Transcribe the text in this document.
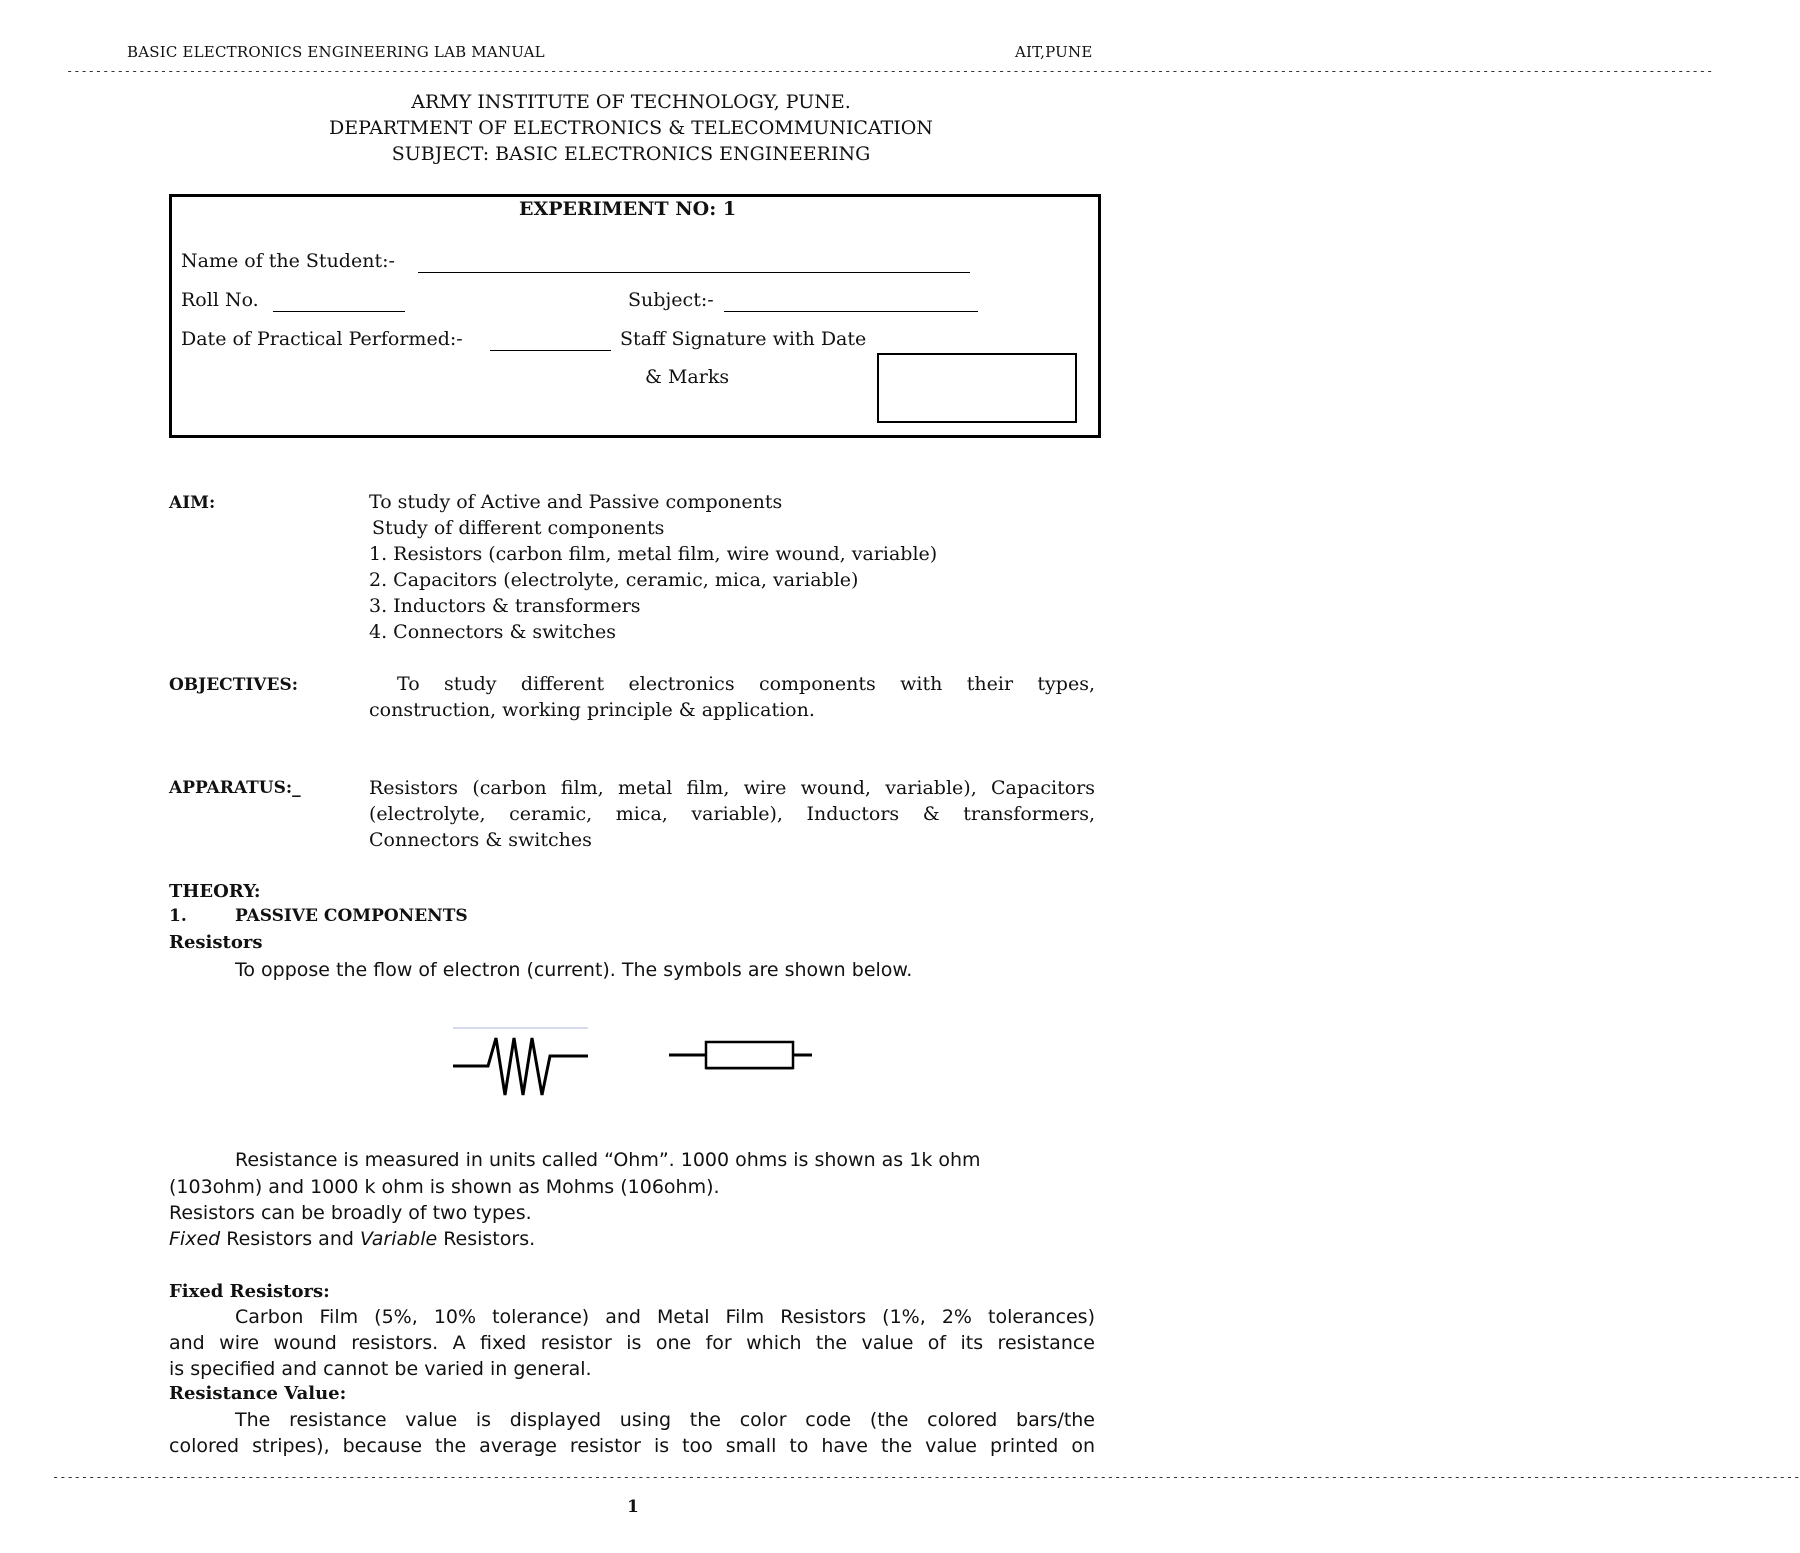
BASIC ELECTRONICS ENGINEERING LAB MANUAL	AIT,PUNE
------------------------------------------------------------------------------------------------------------------------------------------------------------------------------------------------------------------------------------
ARMY INSTITUTE OF TECHNOLOGY, PUNE.
DEPARTMENT OF ELECTRONICS & TELECOMMUNICATION
SUBJECT: BASIC ELECTRONICS ENGINEERING
EXPERIMENT NO: 1
Name of the Student:-
Roll No.	Subject:-
Date of Practical Performed:-	Staff Signature with Date
& Marks
AIM:	To study of Active and Passive components
Study of different components
1. Resistors (carbon film, metal film, wire wound, variable)
2. Capacitors (electrolyte, ceramic, mica, variable)
3. Inductors & transformers
4. Connectors & switches
OBJECTIVES:	To study different electronics components with their types,
construction, working principle & application.
APPARATUS:_	Resistors (carbon film, metal film, wire wound, variable), Capacitors
(electrolyte, ceramic, mica, variable), Inductors & transformers,
Connectors & switches
THEORY:
1.	PASSIVE COMPONENTS
Resistors
To oppose the flow of electron (current). The symbols are shown below.
Resistance is measured in units called “Ohm”. 1000 ohms is shown as 1k ohm
(103ohm) and 1000 k ohm is shown as Mohms (106ohm).
Resistors can be broadly of two types.
Fixed Resistors and Variable Resistors.
Fixed Resistors:
Carbon Film (5%, 10% tolerance) and Metal Film Resistors (1%, 2% tolerances)
and wire wound resistors. A fixed resistor is one for which the value of its resistance
is specified and cannot be varied in general.
Resistance Value:
The resistance value is displayed using the color code (the colored bars/the
colored stripes), because the average resistor is too small to have the value printed on
--------------------------------------------------------------------------------------------------------------------------------------------------------------------------------------------------------------------------------------------------
1
